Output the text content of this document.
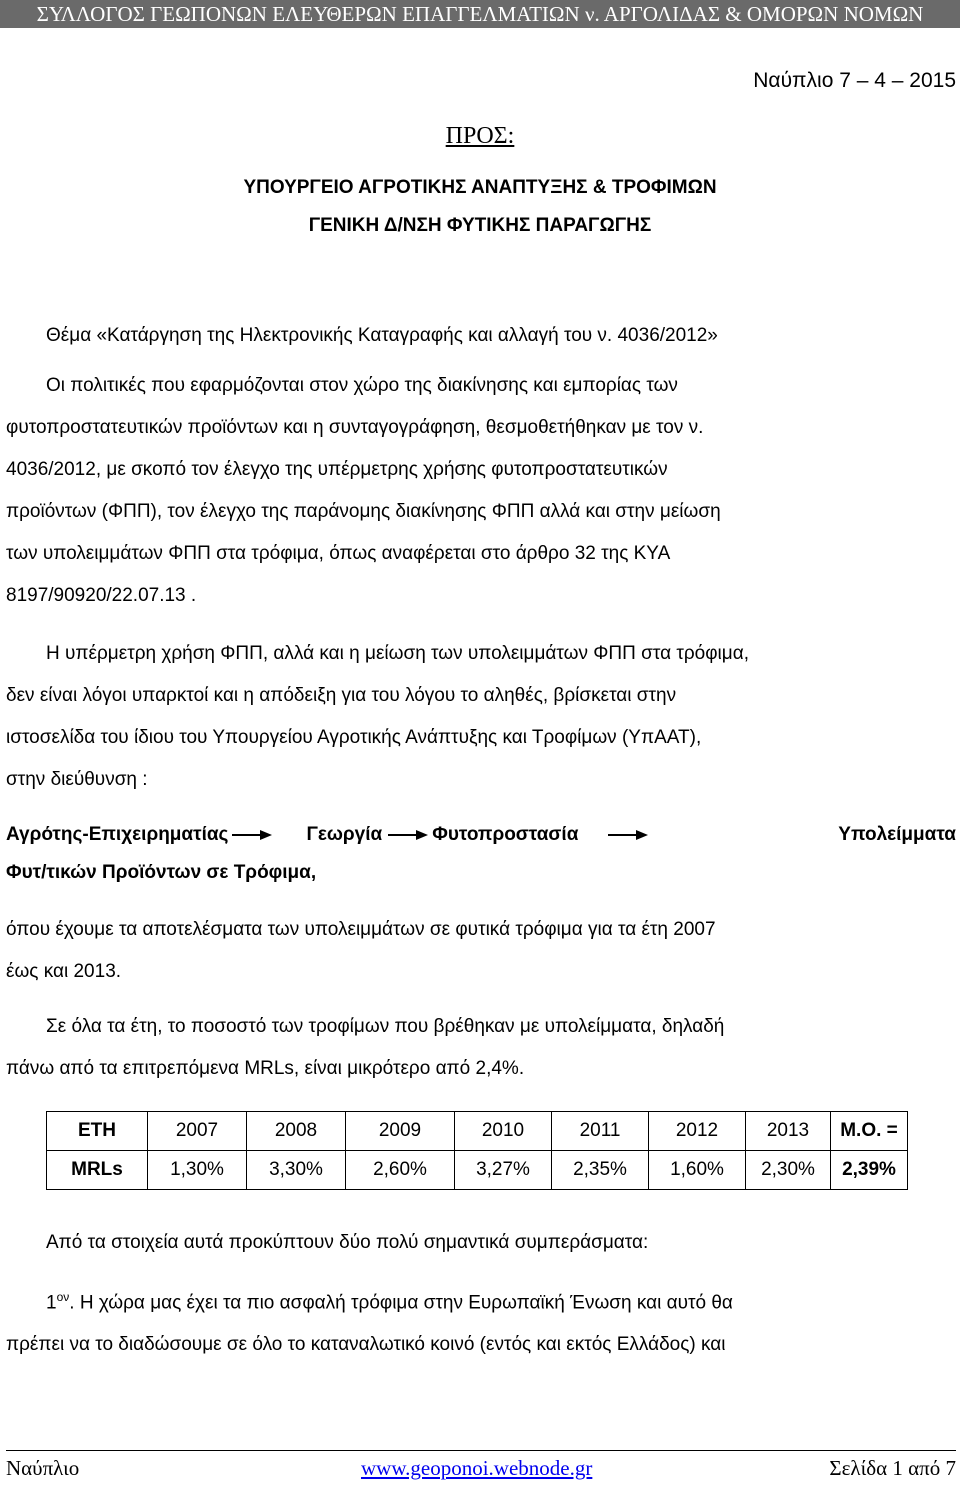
ΣΥΛΛΟΓΟΣ ΓΕΩΠΟΝΩΝ ΕΛΕΥΘΕΡΩΝ ΕΠΑΓΓΕΛΜΑΤΙΩΝ ν. ΑΡΓΟΛΙΔΑΣ & ΟΜΟΡΩΝ ΝΟΜΩΝ
Ναύπλιο 7 – 4 – 2015
ΠΡΟΣ:
ΥΠΟΥΡΓΕΙΟ ΑΓΡΟΤΙΚΗΣ ΑΝΑΠΤΥΞΗΣ & ΤΡΟΦΙΜΩΝ
ΓΕΝΙΚΗ Δ/ΝΣΗ ΦΥΤΙΚΗΣ ΠΑΡΑΓΩΓΗΣ
Θέμα «Κατάργηση της Ηλεκτρονικής Καταγραφής και αλλαγή του ν. 4036/2012»
Οι πολιτικές που εφαρμόζονται στον χώρο της διακίνησης και εμπορίας των
φυτοπροστατευτικών προϊόντων και η συνταγογράφηση, θεσμοθετήθηκαν με τον ν.
4036/2012, με σκοπό τον έλεγχο της υπέρμετρης χρήσης φυτοπροστατευτικών
προϊόντων (ΦΠΠ), τον έλεγχο της παράνομης διακίνησης ΦΠΠ αλλά και στην μείωση
των υπολειμμάτων ΦΠΠ στα τρόφιμα, όπως αναφέρεται στο άρθρο 32 της ΚΥΑ
8197/90920/22.07.13 .
Η υπέρμετρη χρήση ΦΠΠ, αλλά και η μείωση των υπολειμμάτων ΦΠΠ στα τρόφιμα,
δεν είναι λόγοι υπαρκτοί και η απόδειξη για του λόγου το αληθές, βρίσκεται στην
ιστοσελίδα του ίδιου του Υπουργείου Αγροτικής Ανάπτυξης και Τροφίμων (ΥπΑΑΤ),
στην διεύθυνση :
Αγρότης-Επιχειρηματίας	Γεωργία	Φυτοπροστασία	Υπολείμματα
Φυτ/τικών Προϊόντων σε Τρόφιμα,
όπου έχουμε τα αποτελέσματα των υπολειμμάτων σε φυτικά τρόφιμα για τα έτη 2007
έως και 2013.
Σε όλα τα έτη, το ποσοστό των τροφίμων που βρέθηκαν με υπολείμματα, δηλαδή
πάνω από τα επιτρεπόμενα MRLs, είναι μικρότερο από 2,4%.
ΕΤΗ	2007	2008	2009	2010	2011	2012	2013	Μ.Ο. =
MRLs	1,30%	3,30%	2,60%	3,27%	2,35%	1,60%	2,30%	2,39%
Από τα στοιχεία αυτά προκύπτουν δύο πολύ σημαντικά συμπεράσματα:
$1^{o\nu}$. Η χώρα μας έχει τα πιο ασφαλή τρόφιμα στην Ευρωπαϊκή Ένωση και αυτό θα
πρέπει να το διαδώσουμε σε όλο το καταναλωτικό κοινό (εντός και εκτός Ελλάδος) και
Ναύπλιο	www.geoponoi.webnode.gr	Σελίδα 1 από 7
